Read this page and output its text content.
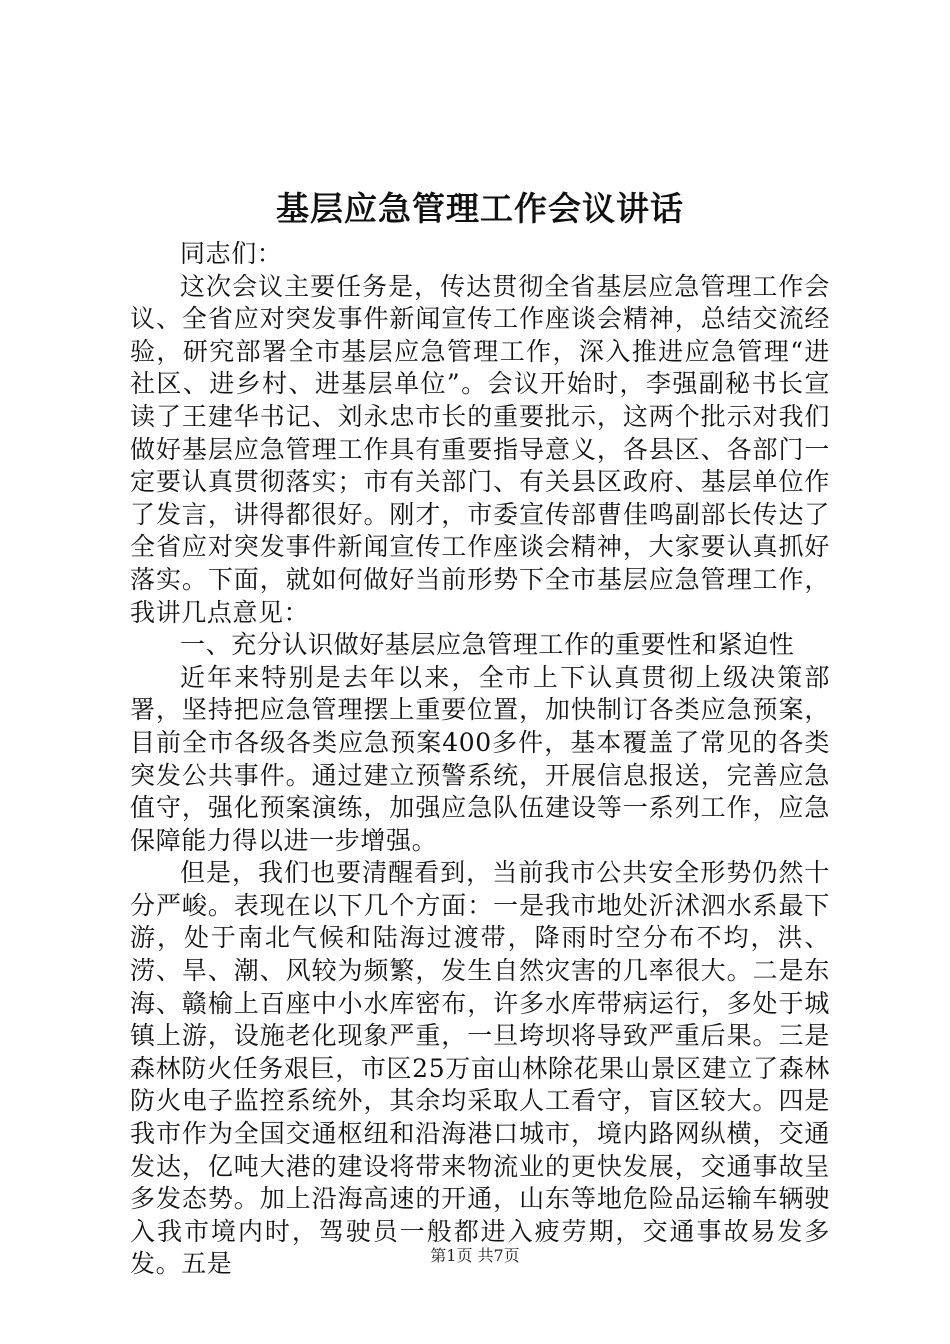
基层应急管理工作会议讲话

同志们：

这次会议主要任务是，传达贯彻全省基层应急管理工作会议、全省应对突发事件新闻宣传工作座谈会精神，总结交流经验，研究部署全市基层应急管理工作，深入推进应急管理“进社区、进乡村、进基层单位”。会议开始时，李强副秘书长宣读了王建华书记、刘永忠市长的重要批示，这两个批示对我们做好基层应急管理工作具有重要指导意义，各县区、各部门一定要认真贯彻落实；市有关部门、有关县区政府、基层单位作了发言，讲得都很好。刚才，市委宣传部曹佳鸣副部长传达了全省应对突发事件新闻宣传工作座谈会精神，大家要认真抓好落实。下面，就如何做好当前形势下全市基层应急管理工作，我讲几点意见：

一、充分认识做好基层应急管理工作的重要性和紧迫性

近年来特别是去年以来，全市上下认真贯彻上级决策部署，坚持把应急管理摆上重要位置，加快制订各类应急预案，目前全市各级各类应急预案400多件，基本覆盖了常见的各类突发公共事件。通过建立预警系统，开展信息报送，完善应急值守，强化预案演练，加强应急队伍建设等一系列工作，应急保障能力得以进一步增强。

但是，我们也要清醒看到，当前我市公共安全形势仍然十分严峻。表现在以下几个方面：一是我市地处沂沭泗水系最下游，处于南北气候和陆海过渡带，降雨时空分布不均，洪、涝、旱、潮、风较为频繁，发生自然灾害的几率很大。二是东海、赣榆上百座中小水库密布，许多水库带病运行，多处于城镇上游，设施老化现象严重，一旦垮坝将导致严重后果。三是森林防火任务艰巨，市区25万亩山林除花果山景区建立了森林防火电子监控系统外，其余均采取人工看守，盲区较大。四是我市作为全国交通枢纽和沿海港口城市，境内路网纵横，交通发达，亿吨大港的建设将带来物流业的更快发展，交通事故呈多发态势。加上沿海高速的开通，山东等地危险品运输车辆驶入我市境内时，驾驶员一般都进入疲劳期，交通事故易发多发。五是	第1页 共7页
